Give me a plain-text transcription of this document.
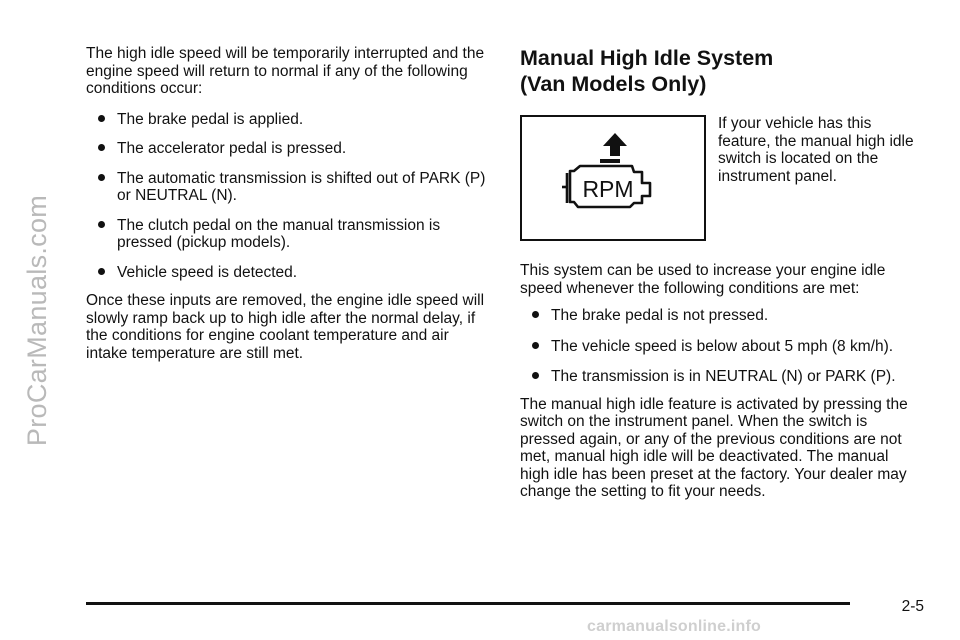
ProCarManuals.com

The high idle speed will be temporarily interrupted and the engine speed will return to normal if any of the following conditions occur:

The brake pedal is applied.
The accelerator pedal is pressed.
The automatic transmission is shifted out of PARK (P) or NEUTRAL (N).
The clutch pedal on the manual transmission is pressed (pickup models).
Vehicle speed is detected.

Once these inputs are removed, the engine idle speed will slowly ramp back up to high idle after the normal delay, if the conditions for engine coolant temperature and air intake temperature are still met.

Manual High Idle System
(Van Models Only)
RPM

If your vehicle has this feature, the manual high idle switch is located on the instrument panel.

This system can be used to increase your engine idle speed whenever the following conditions are met:

The brake pedal is not pressed.
The vehicle speed is below about 5 mph (8 km/h).
The transmission is in NEUTRAL (N) or PARK (P).

The manual high idle feature is activated by pressing the switch on the instrument panel. When the switch is pressed again, or any of the previous conditions are not met, manual high idle will be deactivated. The manual high idle has been preset at the factory. Your dealer may change the setting to fit your needs.

2-5
carmanualsonline.info
